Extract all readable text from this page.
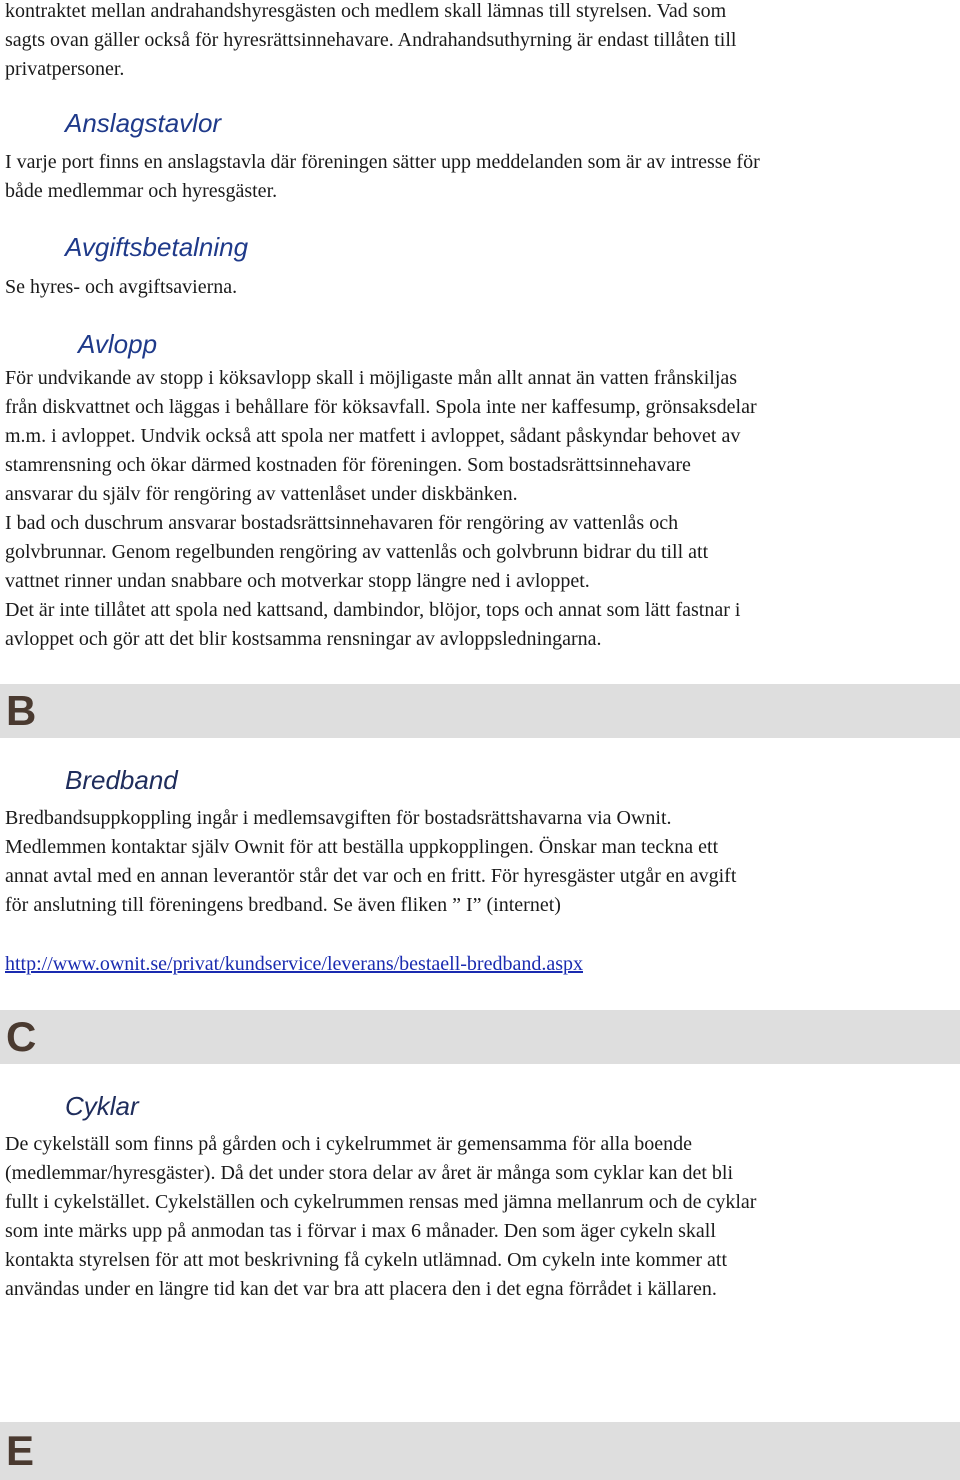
kontraktet mellan andrahandshyresgästen och medlem skall lämnas till styrelsen. Vad som
sagts ovan gäller också för hyresrättsinnehavare. Andrahandsuthyrning är endast tillåten till
privatpersoner.
Anslagstavlor
I varje port finns en anslagstavla där föreningen sätter upp meddelanden som är av intresse för
både medlemmar och hyresgäster.
Avgiftsbetalning
Se hyres- och avgiftsavierna.
Avlopp
För undvikande av stopp i köksavlopp skall i möjligaste mån allt annat än vatten frånskiljas
från diskvattnet och läggas i behållare för köksavfall. Spola inte ner kaffesump, grönsaksdelar
m.m. i avloppet. Undvik också att spola ner matfett i avloppet, sådant påskyndar behovet av
stamrensning och ökar därmed kostnaden för föreningen. Som bostadsrättsinnehavare
ansvarar du själv för rengöring av vattenlåset under diskbänken.
I bad och duschrum ansvarar bostadsrättsinnehavaren för rengöring av vattenlås och
golvbrunnar. Genom regelbunden rengöring av vattenlås och golvbrunn bidrar du till att
vattnet rinner undan snabbare och motverkar stopp längre ned i avloppet.
Det är inte tillåtet att spola ned kattsand, dambindor, blöjor, tops och annat som lätt fastnar i
avloppet och gör att det blir kostsamma rensningar av avloppsledningarna.
B
Bredband
Bredbandsuppkoppling ingår i medlemsavgiften för bostadsrättshavarna via Ownit.
Medlemmen kontaktar själv Ownit för att beställa uppkopplingen. Önskar man teckna ett
annat avtal med en annan leverantör står det var och en fritt. För hyresgäster utgår en avgift
för anslutning till föreningens bredband. Se även fliken ” I” (internet)
http://www.ownit.se/privat/kundservice/leverans/bestaell-bredband.aspx
C
Cyklar
De cykelställ som finns på gården och i cykelrummet är gemensamma för alla boende
(medlemmar/hyresgäster). Då det under stora delar av året är många som cyklar kan det bli
fullt i cykelstället. Cykelställen och cykelrummen rensas med jämna mellanrum och de cyklar
som inte märks upp på anmodan tas i förvar i max 6 månader. Den som äger cykeln skall
kontakta styrelsen för att mot beskrivning få cykeln utlämnad. Om cykeln inte kommer att
användas under en längre tid kan det var bra att placera den i det egna förrådet i källaren.
E
